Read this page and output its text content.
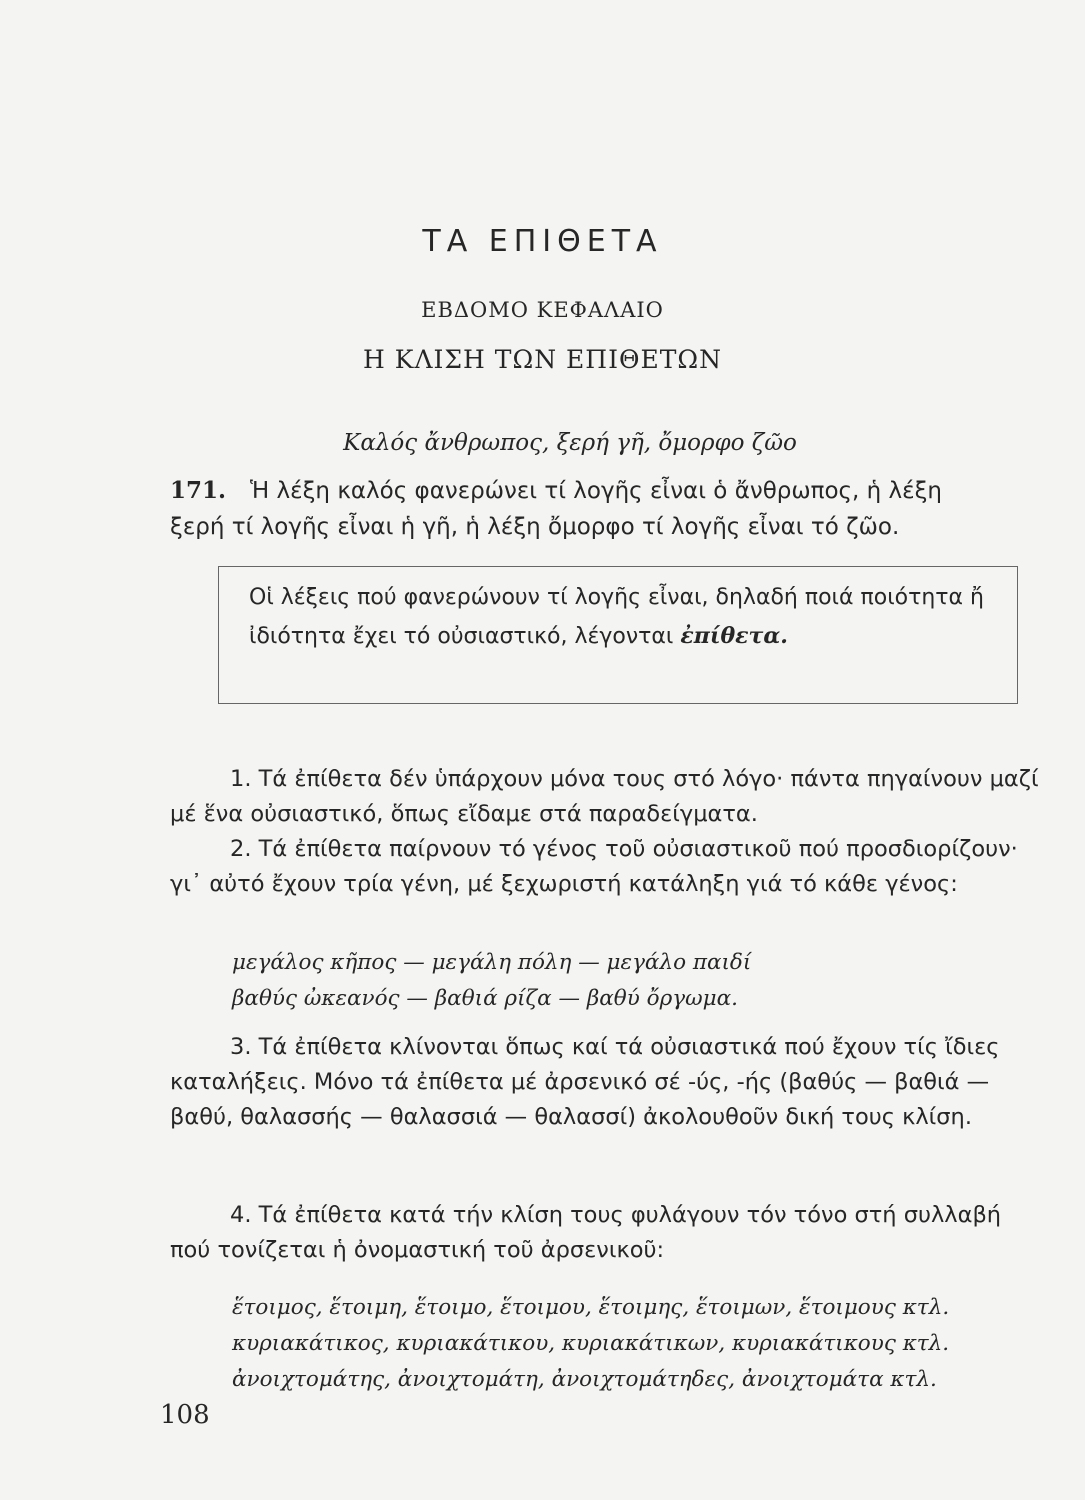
ΤΑ ΕΠΙΘΕΤΑ
ΕΒΔΟΜΟ ΚΕΦΑΛΑΙΟ
Η ΚΛΙΣΗ ΤΩΝ ΕΠΙΘΕΤΩΝ
Καλός ἄνθρωπος, ξερή γῆ, ὄμορφο ζῶο
171. Ἡ λέξη καλός φανερώνει τί λογῆς εἶναι ὁ ἄνθρωπος, ἡ λέξη
ξερή τί λογῆς εἶναι ἡ γῆ, ἡ λέξη ὄμορφο τί λογῆς εἶναι τό ζῶο.
Οἱ λέξεις πού φανερώνουν τί λογῆς εἶναι, δηλαδή ποιά ποιότητα ἤ ἰδιότητα ἔχει τό οὐσιαστικό, λέγονται ἐπίθετα.
1. Τά ἐπίθετα δέν ὑπάρχουν μόνα τους στό λόγο· πάντα πηγαίνουν μαζί μέ ἕνα οὐσιαστικό, ὅπως εἴδαμε στά παραδείγματα.
2. Τά ἐπίθετα παίρνουν τό γένος τοῦ οὐσιαστικοῦ πού προσδιορίζουν· γι᾿ αὐτό ἔχουν τρία γένη, μέ ξεχωριστή κατάληξη γιά τό κάθε γένος:
μεγάλος κῆπος — μεγάλη πόλη — μεγάλο παιδί
βαθύς ὠκεανός — βαθιά ρίζα — βαθύ ὄργωμα.
3. Τά ἐπίθετα κλίνονται ὅπως καί τά οὐσιαστικά πού ἔχουν τίς ἴδιες καταλήξεις. Μόνο τά ἐπίθετα μέ ἀρσενικό σέ -ύς, -ής (βαθύς — βαθιά — βαθύ, θαλασσής — θαλασσιά — θαλασσί) ἀκολουθοῦν δική τους κλίση.
4. Τά ἐπίθετα κατά τήν κλίση τους φυλάγουν τόν τόνο στή συλλαβή πού τονίζεται ἡ ὀνομαστική τοῦ ἀρσενικοῦ:
ἕτοιμος, ἕτοιμη, ἕτοιμο, ἕτοιμου, ἕτοιμης, ἕτοιμων, ἕτοιμους κτλ.
κυριακάτικος, κυριακάτικου, κυριακάτικων, κυριακάτικους κτλ.
ἀνοιχτομάτης, ἀνοιχτομάτη, ἀνοιχτομάτηδες, ἀνοιχτομάτα κτλ.
108
